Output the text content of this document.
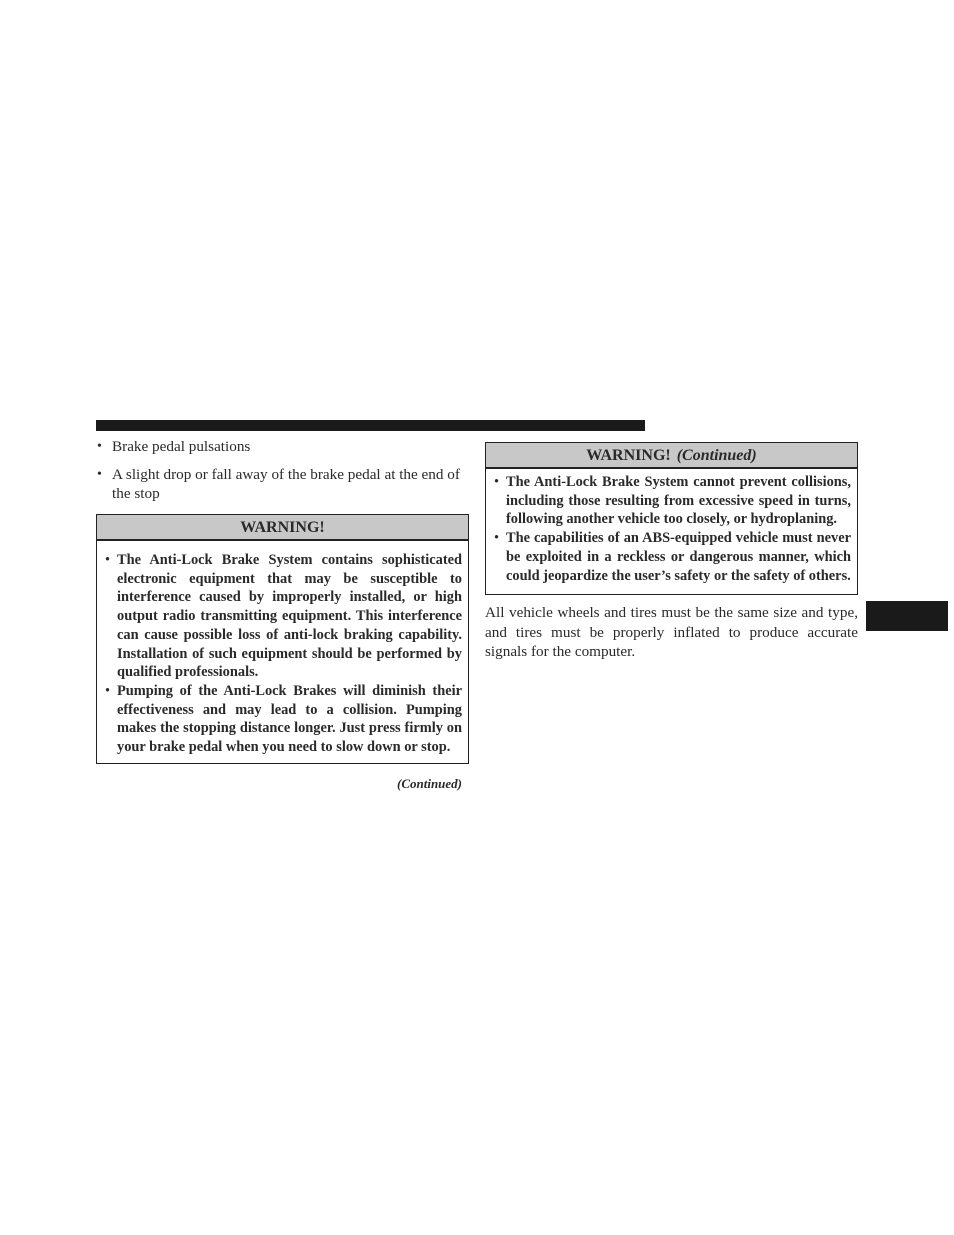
• Brake pedal pulsations
• A slight drop or fall away of the brake pedal at the end of the stop
WARNING!
• The Anti-Lock Brake System contains sophisticated electronic equipment that may be susceptible to interference caused by improperly installed, or high output radio transmitting equipment. This interference can cause possible loss of anti-lock braking capability. Installation of such equipment should be performed by qualified professionals.
• Pumping of the Anti-Lock Brakes will diminish their effectiveness and may lead to a collision. Pumping makes the stopping distance longer. Just press firmly on your brake pedal when you need to slow down or stop.
(Continued)
WARNING! (Continued)
• The Anti-Lock Brake System cannot prevent collisions, including those resulting from excessive speed in turns, following another vehicle too closely, or hydroplaning.
• The capabilities of an ABS-equipped vehicle must never be exploited in a reckless or dangerous manner, which could jeopardize the user’s safety or the safety of others.

All vehicle wheels and tires must be the same size and type, and tires must be properly inflated to produce accurate signals for the computer.
